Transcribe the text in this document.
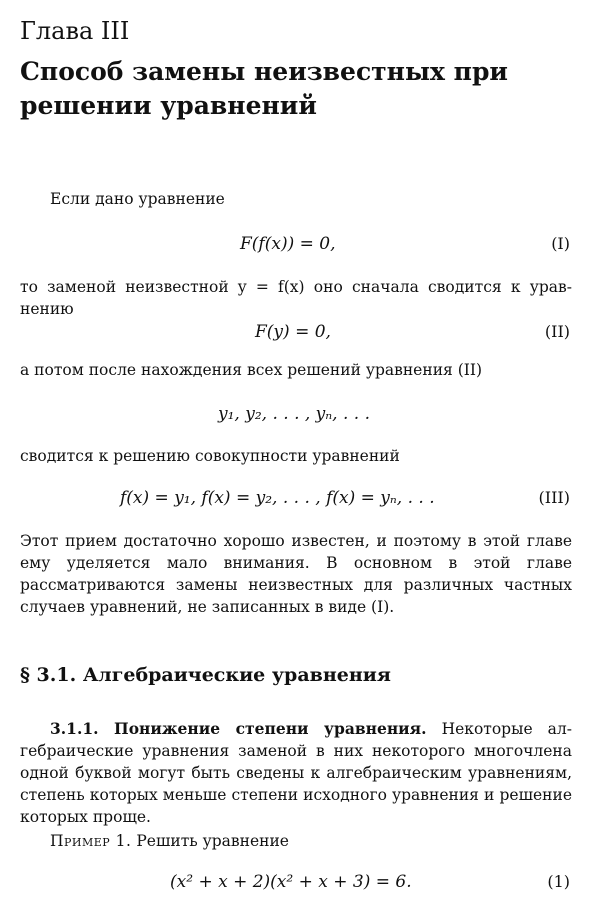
Глава III
Способ замены неизвестных при решении уравнений
Если дано уравнение
F(f(x)) = 0,	(I)
то заменой неизвестной y = f(x) оно сначала сводится к уравнению
F(y) = 0,	(II)
а потом после нахождения всех решений уравнения (II)
y₁, y₂, . . . , yₙ, . . .
сводится к решению совокупности уравнений
f(x) = y₁, f(x) = y₂, . . . , f(x) = yₙ, . . .	(III)
Этот прием достаточно хорошо известен, и поэтому в этой главе ему уделяется мало внимания. В основном в этой главе рассматриваются замены неизвестных для различных частных случаев уравнений, не записанных в виде (I).
§ 3.1. Алгебраические уравнения
3.1.1. Понижение степени уравнения. Некоторые алгебраические уравнения заменой в них некоторого многочлена одной буквой могут быть сведены к алгебраическим уравнениям, степень которых меньше степени исходного уравнения и решение которых проще.
Пример 1. Решить уравнение
(x² + x + 2)(x² + x + 3) = 6.	(1)
